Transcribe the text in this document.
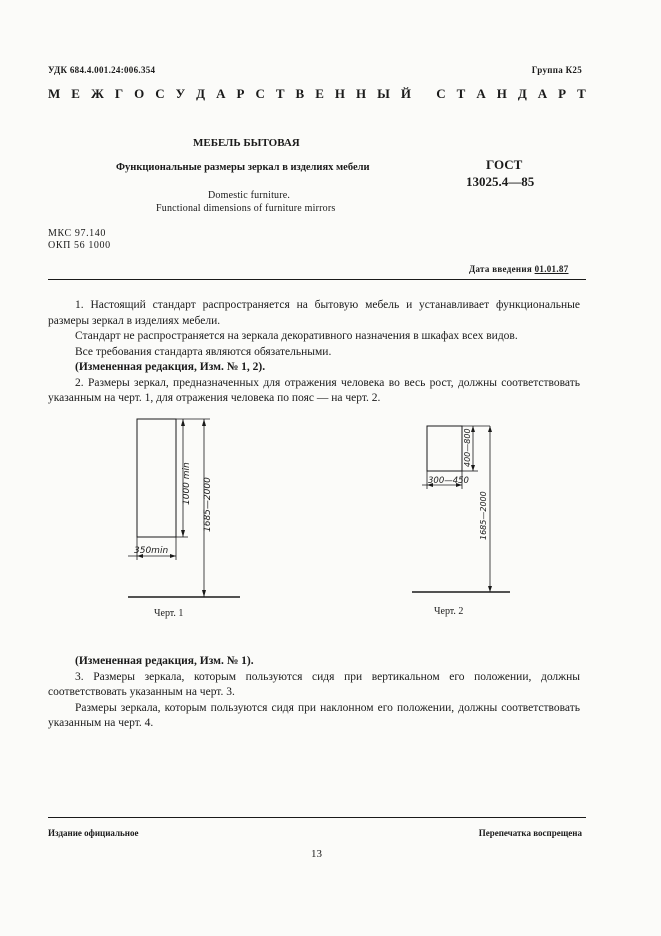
УДК 684.4.001.24:006.354	Группа К25
М Е Ж Г О С У Д А Р С Т В Е Н Н Ы Й
С Т А Н Д А Р Т
МЕБЕЛЬ БЫТОВАЯ
Функциональные размеры зеркал в изделиях мебели	ГОСТ
13025.4—85
Domestic furniture.
Functional dimensions of furniture mirrors
МКС 97.140
ОКП 56 1000
Дата введения 01.01.87

1. Настоящий стандарт распространяется на бытовую мебель и устанавливает функциональные размеры зеркал в изделиях мебели.

Стандарт не распространяется на зеркала декоративного назначения в шкафах всех видов.

Все требования стандарта являются обязательными.

(Измененная редакция, Изм. № 1, 2).

2. Размеры зеркал, предназначенных для отражения человека во весь рост, должны соответствовать указанным на черт. 1, для отражения человека по пояс — на черт. 2.

350min
1000 min 1685—2000
Черт. 1
400—800
300—450
1685—2000
Черт. 2

(Измененная редакция, Изм. № 1).

3. Размеры зеркала, которым пользуются сидя при вертикальном его положении, должны соответствовать указанным на черт. 3.

Размеры зеркала, которым пользуются сидя при наклонном его положении, должны соответствовать указанным на черт. 4.

Издание официальное	Перепечатка воспрещена
13
